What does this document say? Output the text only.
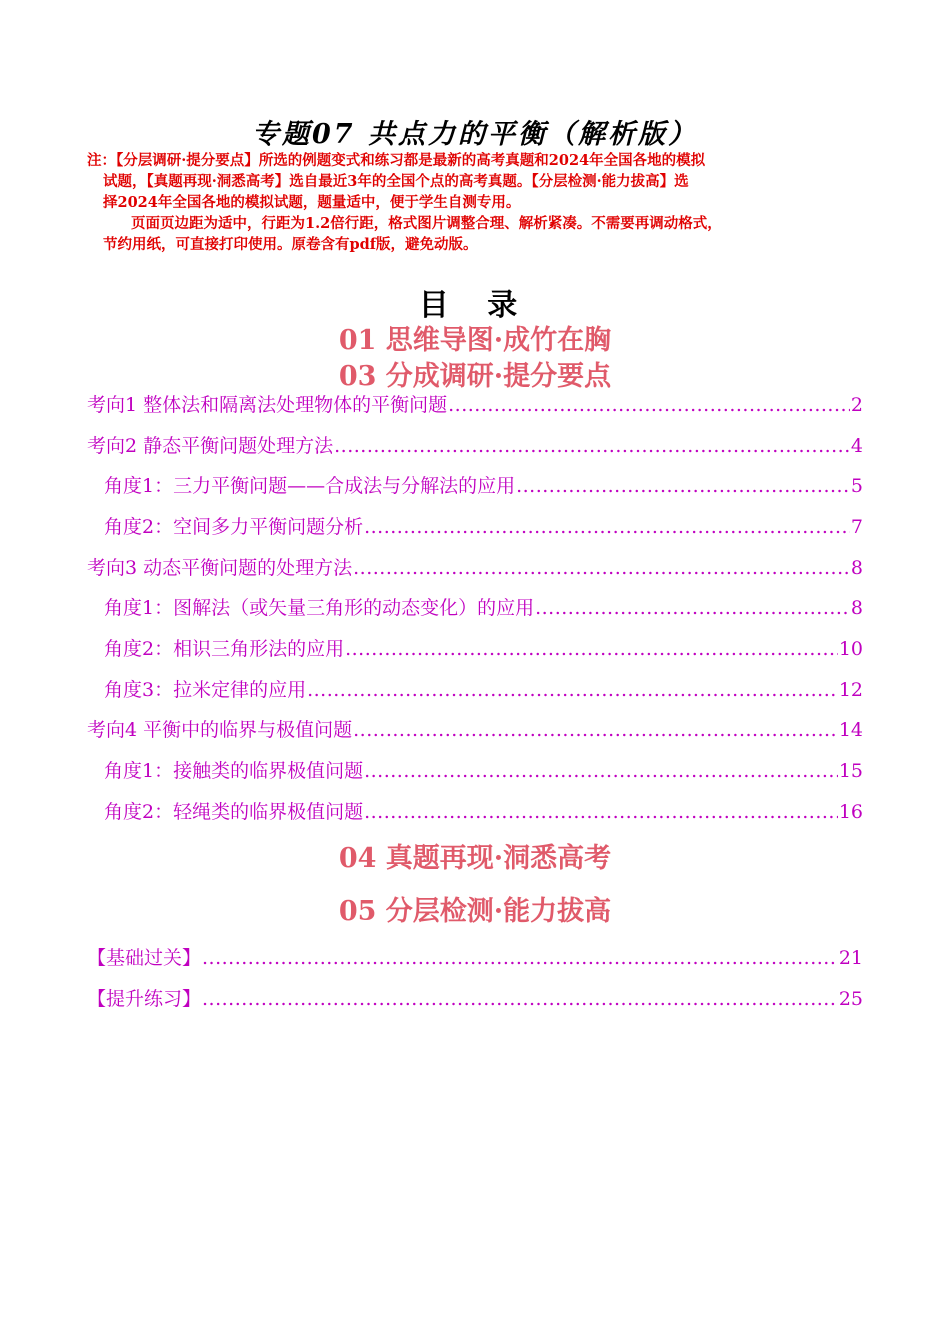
专题07 共点力的平衡（解析版）

注：【分层调研·提分要点】所选的例题变式和练习都是最新的高考真题和2024年全国各地的模拟

试题，【真题再现·洞悉高考】选自最近3年的全国个点的高考真题。【分层检测·能力拔高】选

择2024年全国各地的模拟试题，题量适中，便于学生自测专用。

页面页边距为适中，行距为1.2倍行距，格式图片调整合理、解析紧凑。不需要再调动格式，

节约用纸，可直接打印使用。原卷含有pdf版，避免动版。

目 录
01 思维导图·成竹在胸
03 分成调研·提分要点
考向1 整体法和隔离法处理物体的平衡问题 .....	2
考向2 静态平衡问题处理方法 .....	4
角度1：三力平衡问题——合成法与分解法的应用 .....	5
角度2：空间多力平衡问题分析 .....	7
考向3 动态平衡问题的处理方法 .....	8
角度1：图解法（或矢量三角形的动态变化）的应用 .....	8
角度2：相识三角形法的应用 .....	10
角度3：拉米定律的应用 .....	12
考向4 平衡中的临界与极值问题 .....	14
角度1：接触类的临界极值问题 .....	15
角度2：轻绳类的临界极值问题 .....	16
04 真题再现·洞悉高考
05 分层检测·能力拔高
【基础过关】 .....	21
【提升练习】 .....	25
